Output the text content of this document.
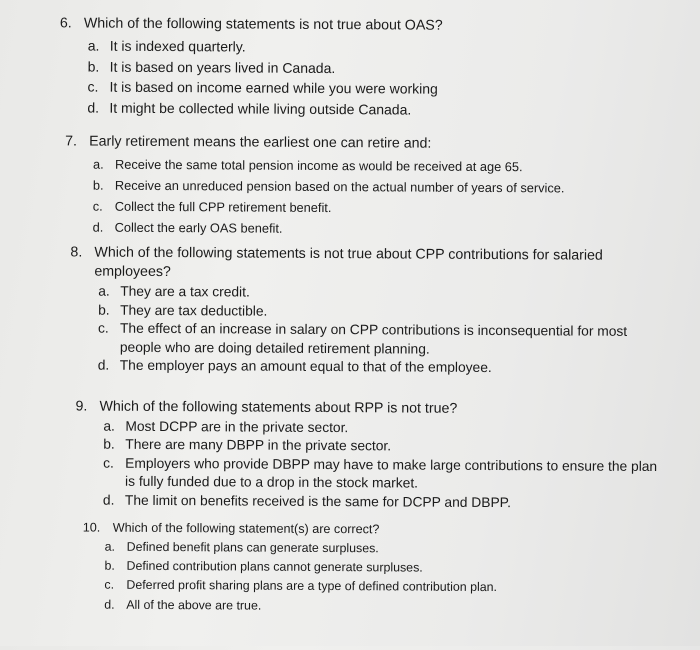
6. Which of the following statements is not true about OAS?
a. It is indexed quarterly.
b. It is based on years lived in Canada.
c. It is based on income earned while you were working
d. It might be collected while living outside Canada.
7. Early retirement means the earliest one can retire and:
a. Receive the same total pension income as would be received at age 65.
b. Receive an unreduced pension based on the actual number of years of service.
c. Collect the full CPP retirement benefit.
d. Collect the early OAS benefit.
8. Which of the following statements is not true about CPP contributions for salaried employees?
a. They are a tax credit.
b. They are tax deductible.
c. The effect of an increase in salary on CPP contributions is inconsequential for most people who are doing detailed retirement planning.
d. The employer pays an amount equal to that of the employee.
9. Which of the following statements about RPP is not true?
a. Most DCPP are in the private sector.
b. There are many DBPP in the private sector.
c. Employers who provide DBPP may have to make large contributions to ensure the plan is fully funded due to a drop in the stock market.
d. The limit on benefits received is the same for DCPP and DBPP.
10. Which of the following statement(s) are correct?
a. Defined benefit plans can generate surpluses.
b. Defined contribution plans cannot generate surpluses.
c. Deferred profit sharing plans are a type of defined contribution plan.
d. All of the above are true.
